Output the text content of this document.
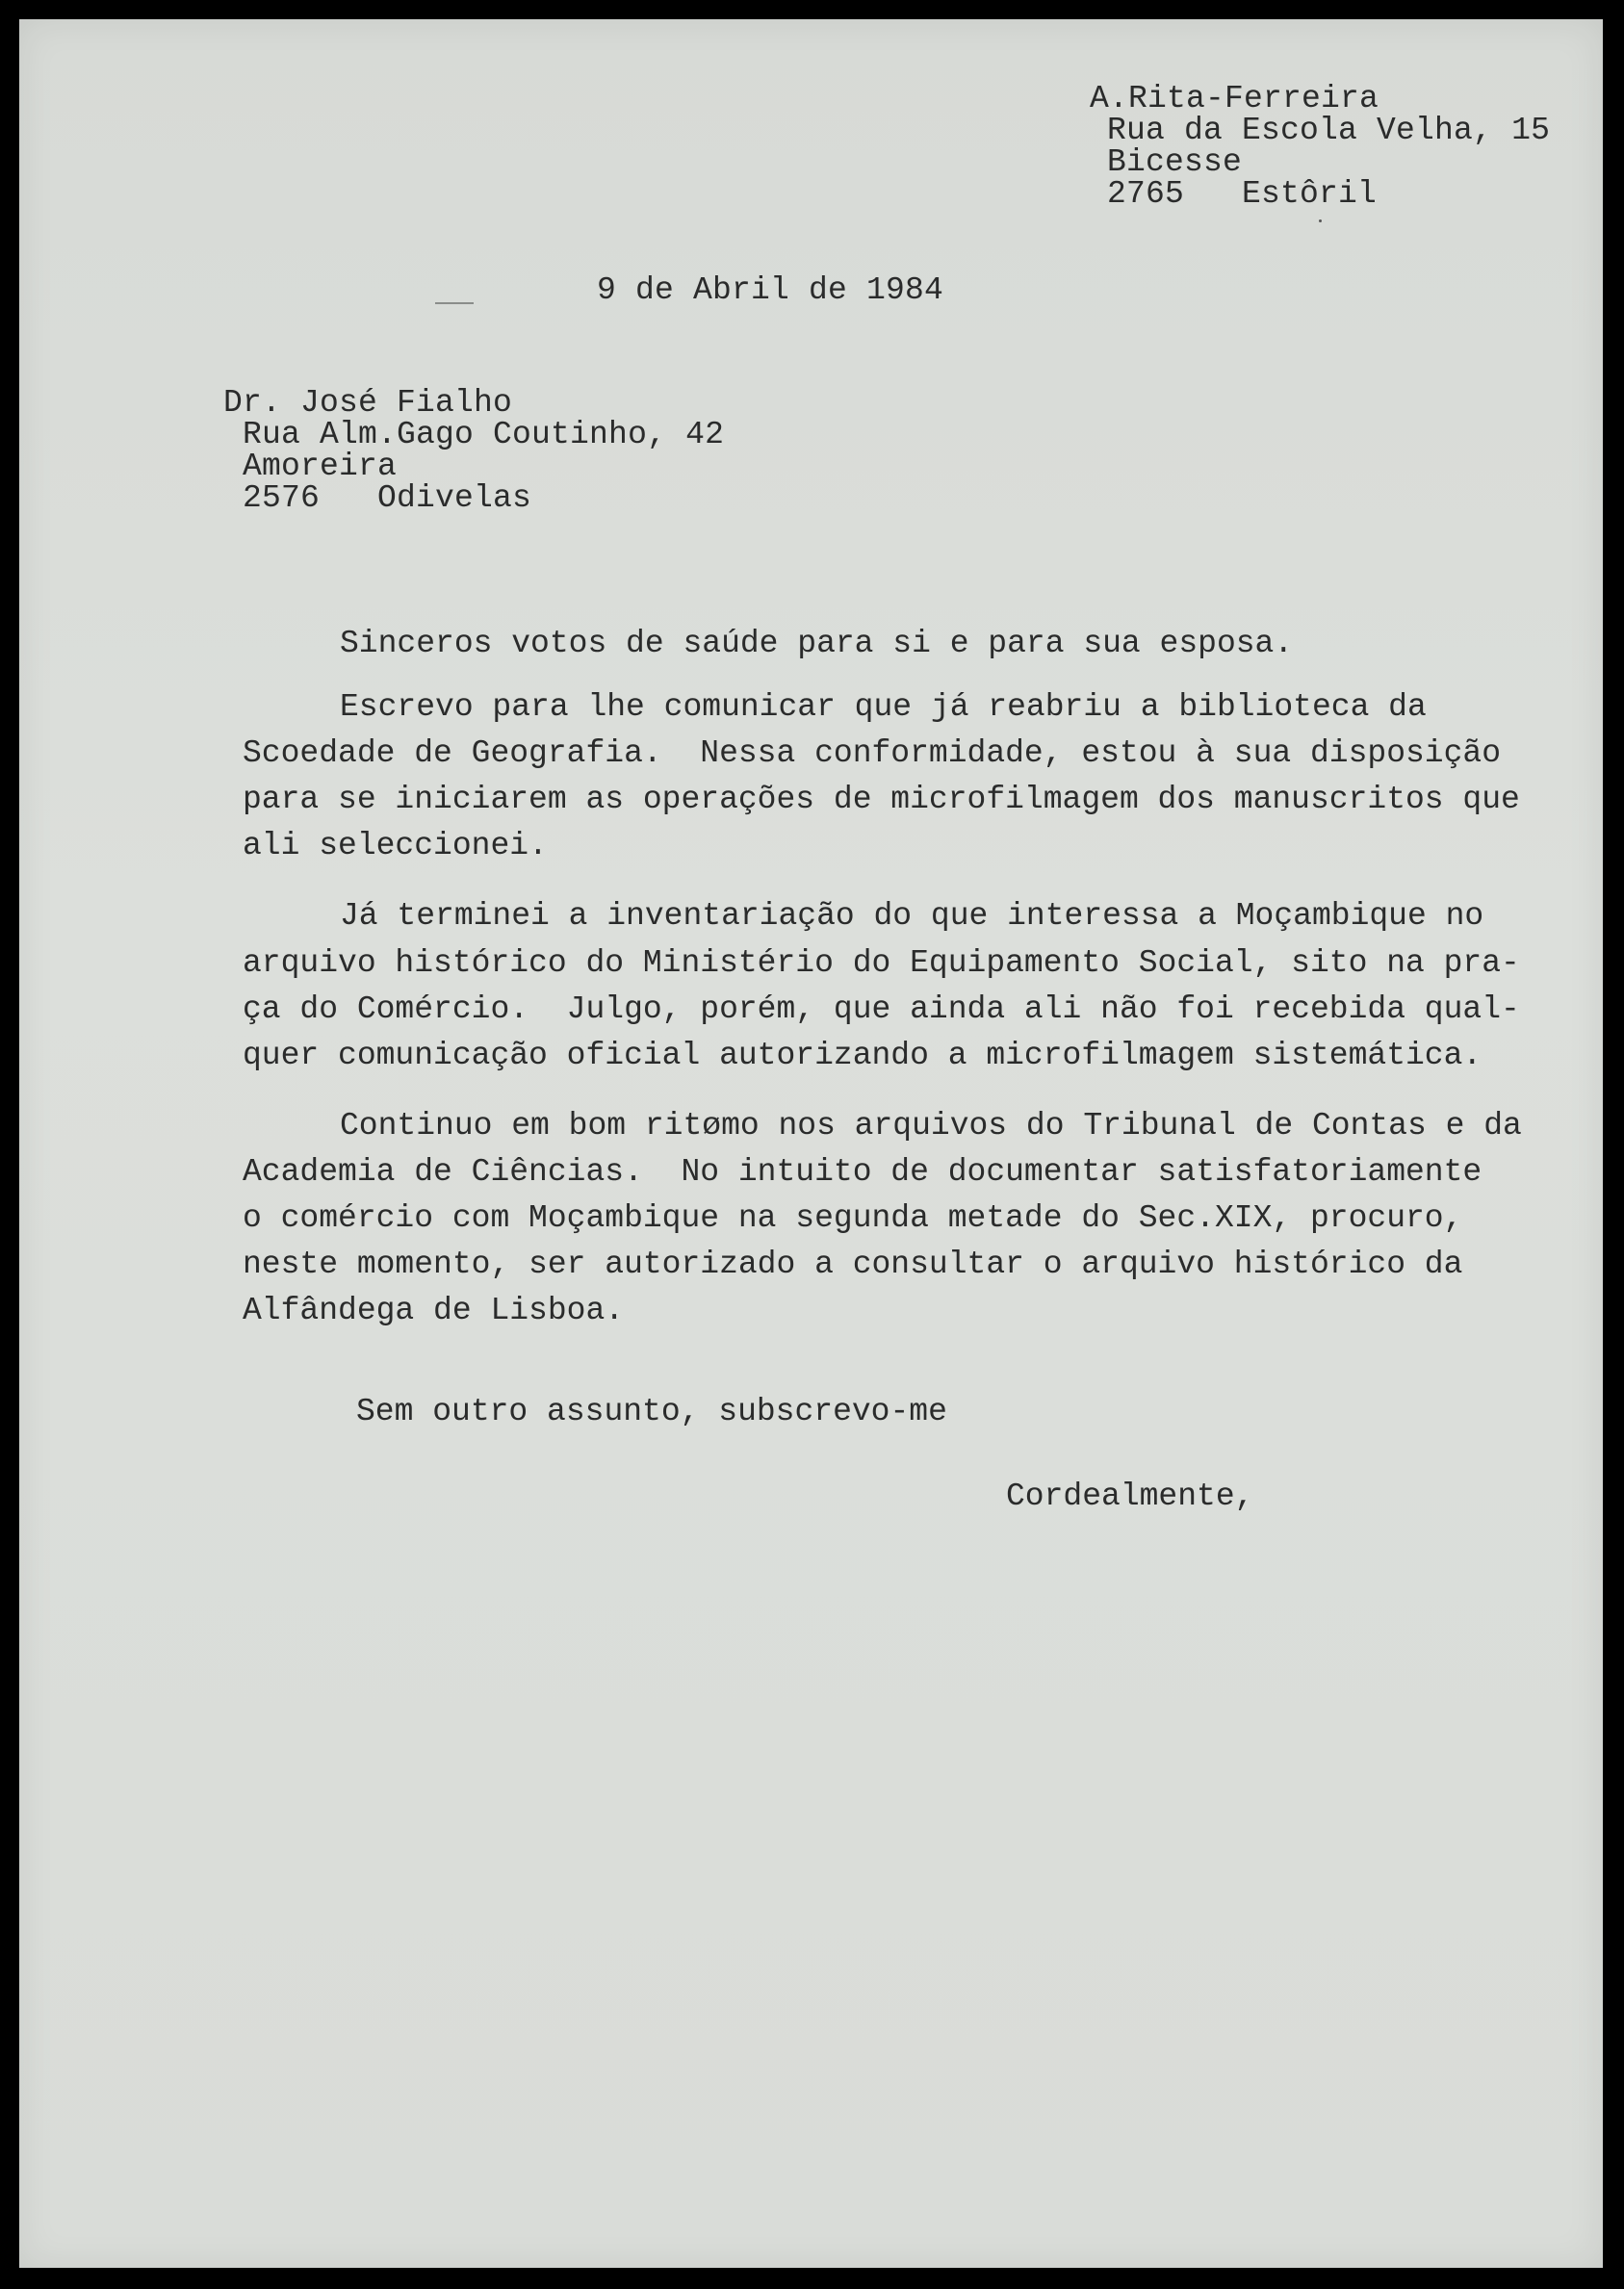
A.Rita-Ferreira
Rua da Escola Velha, 15
Bicesse
2765   Estôril
9 de Abril de 1984
Dr. José Fialho
Rua Alm.Gago Coutinho, 42
Amoreira
2576   Odivelas
Sinceros votos de saúde para si e para sua esposa.
Escrevo para lhe comunicar que já reabriu a biblioteca da
Scoedade de Geografia.  Nessa conformidade, estou à sua disposição
para se iniciarem as operações de microfilmagem dos manuscritos que
ali seleccionei.
Já terminei a inventariação do que interessa a Moçambique no
arquivo histórico do Ministério do Equipamento Social, sito na pra-
ça do Comércio.  Julgo, porém, que ainda ali não foi recebida qual-
quer comunicação oficial autorizando a microfilmagem sistemática.
Continuo em bom ritømo nos arquivos do Tribunal de Contas e da
Academia de Ciências.  No intuito de documentar satisfatoriamente
o comércio com Moçambique na segunda metade do Sec.XIX, procuro,
neste momento, ser autorizado a consultar o arquivo histórico da
Alfândega de Lisboa.
Sem outro assunto, subscrevo-me
Cordealmente,
